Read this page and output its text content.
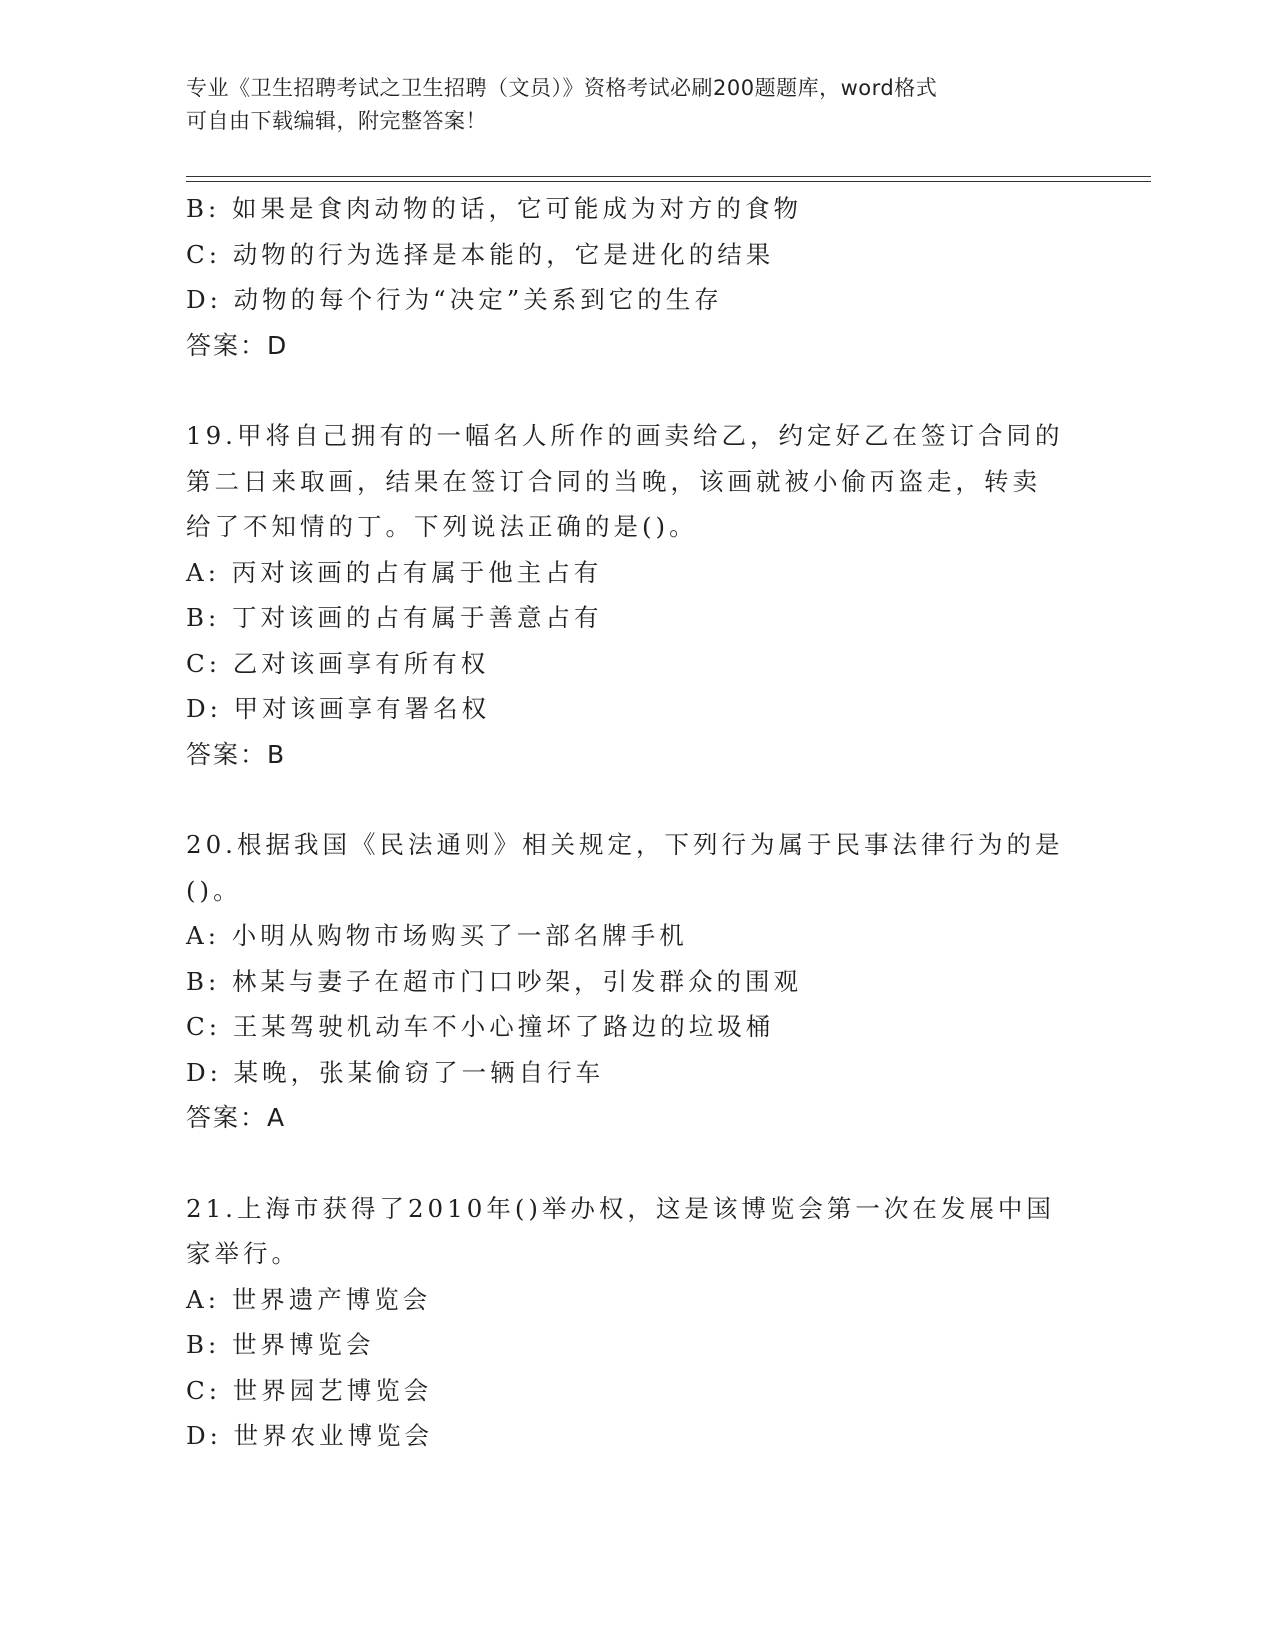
专业《卫生招聘考试之卫生招聘（文员）》资格考试必刷200题题库，word格式
可自由下载编辑，附完整答案！
B: 如果是食肉动物的话，它可能成为对方的食物
C: 动物的行为选择是本能的，它是进化的结果
D: 动物的每个行为“决定”关系到它的生存
答案：D
19.甲将自己拥有的一幅名人所作的画卖给乙，约定好乙在签订合同的
第二日来取画，结果在签订合同的当晚，该画就被小偷丙盗走，转卖
给了不知情的丁。下列说法正确的是()。
A: 丙对该画的占有属于他主占有
B: 丁对该画的占有属于善意占有
C: 乙对该画享有所有权
D: 甲对该画享有署名权
答案：B
20.根据我国《民法通则》相关规定，下列行为属于民事法律行为的是
()。
A: 小明从购物市场购买了一部名牌手机
B: 林某与妻子在超市门口吵架，引发群众的围观
C: 王某驾驶机动车不小心撞坏了路边的垃圾桶
D: 某晚，张某偷窃了一辆自行车
答案：A
21.上海市获得了2010年()举办权，这是该博览会第一次在发展中国
家举行。
A: 世界遗产博览会
B: 世界博览会
C: 世界园艺博览会
D: 世界农业博览会
